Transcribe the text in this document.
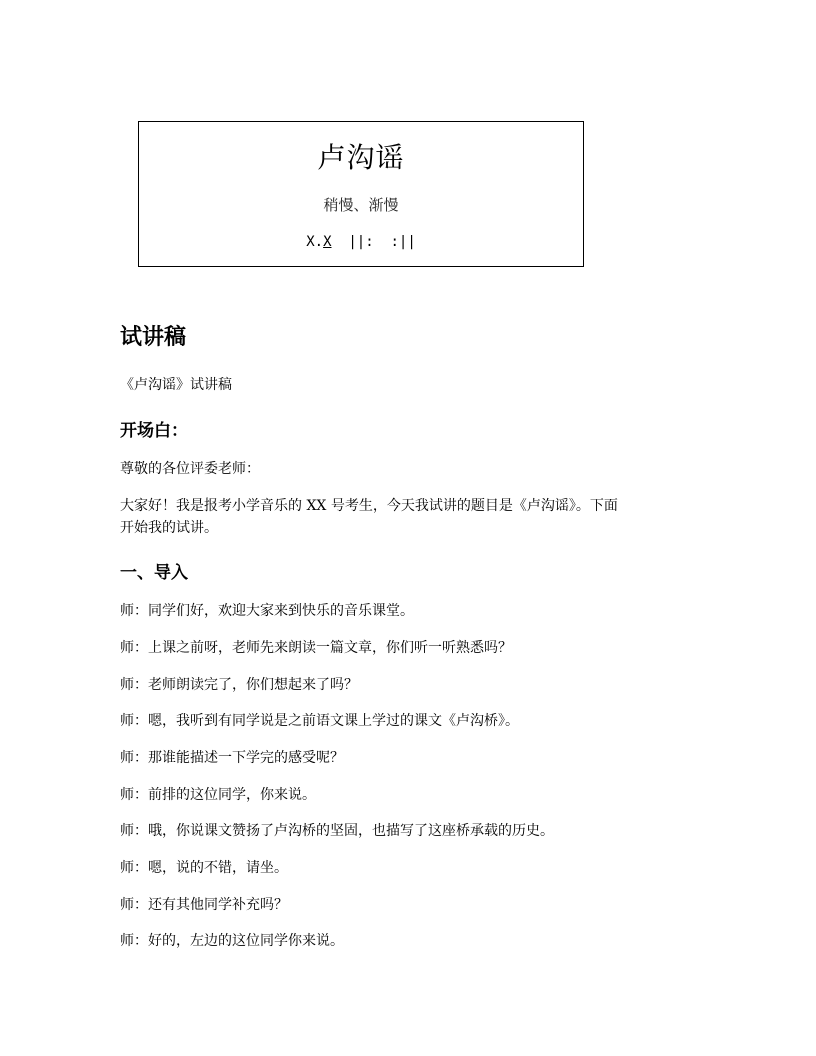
卢沟谣

稍慢、渐慢

X.X  ||:  :||

试讲稿

《卢沟谣》试讲稿

开场白：

尊敬的各位评委老师：

大家好！我是报考小学音乐的 XX 号考生，今天我试讲的题目是《卢沟谣》。下面

开始我的试讲。

一、导入

师：同学们好，欢迎大家来到快乐的音乐课堂。

师：上课之前呀，老师先来朗读一篇文章，你们听一听熟悉吗？

师：老师朗读完了，你们想起来了吗？

师：嗯，我听到有同学说是之前语文课上学过的课文《卢沟桥》。

师：那谁能描述一下学完的感受呢？

师：前排的这位同学，你来说。

师：哦，你说课文赞扬了卢沟桥的坚固，也描写了这座桥承载的历史。

师：嗯，说的不错，请坐。

师：还有其他同学补充吗？

师：好的，左边的这位同学你来说。
